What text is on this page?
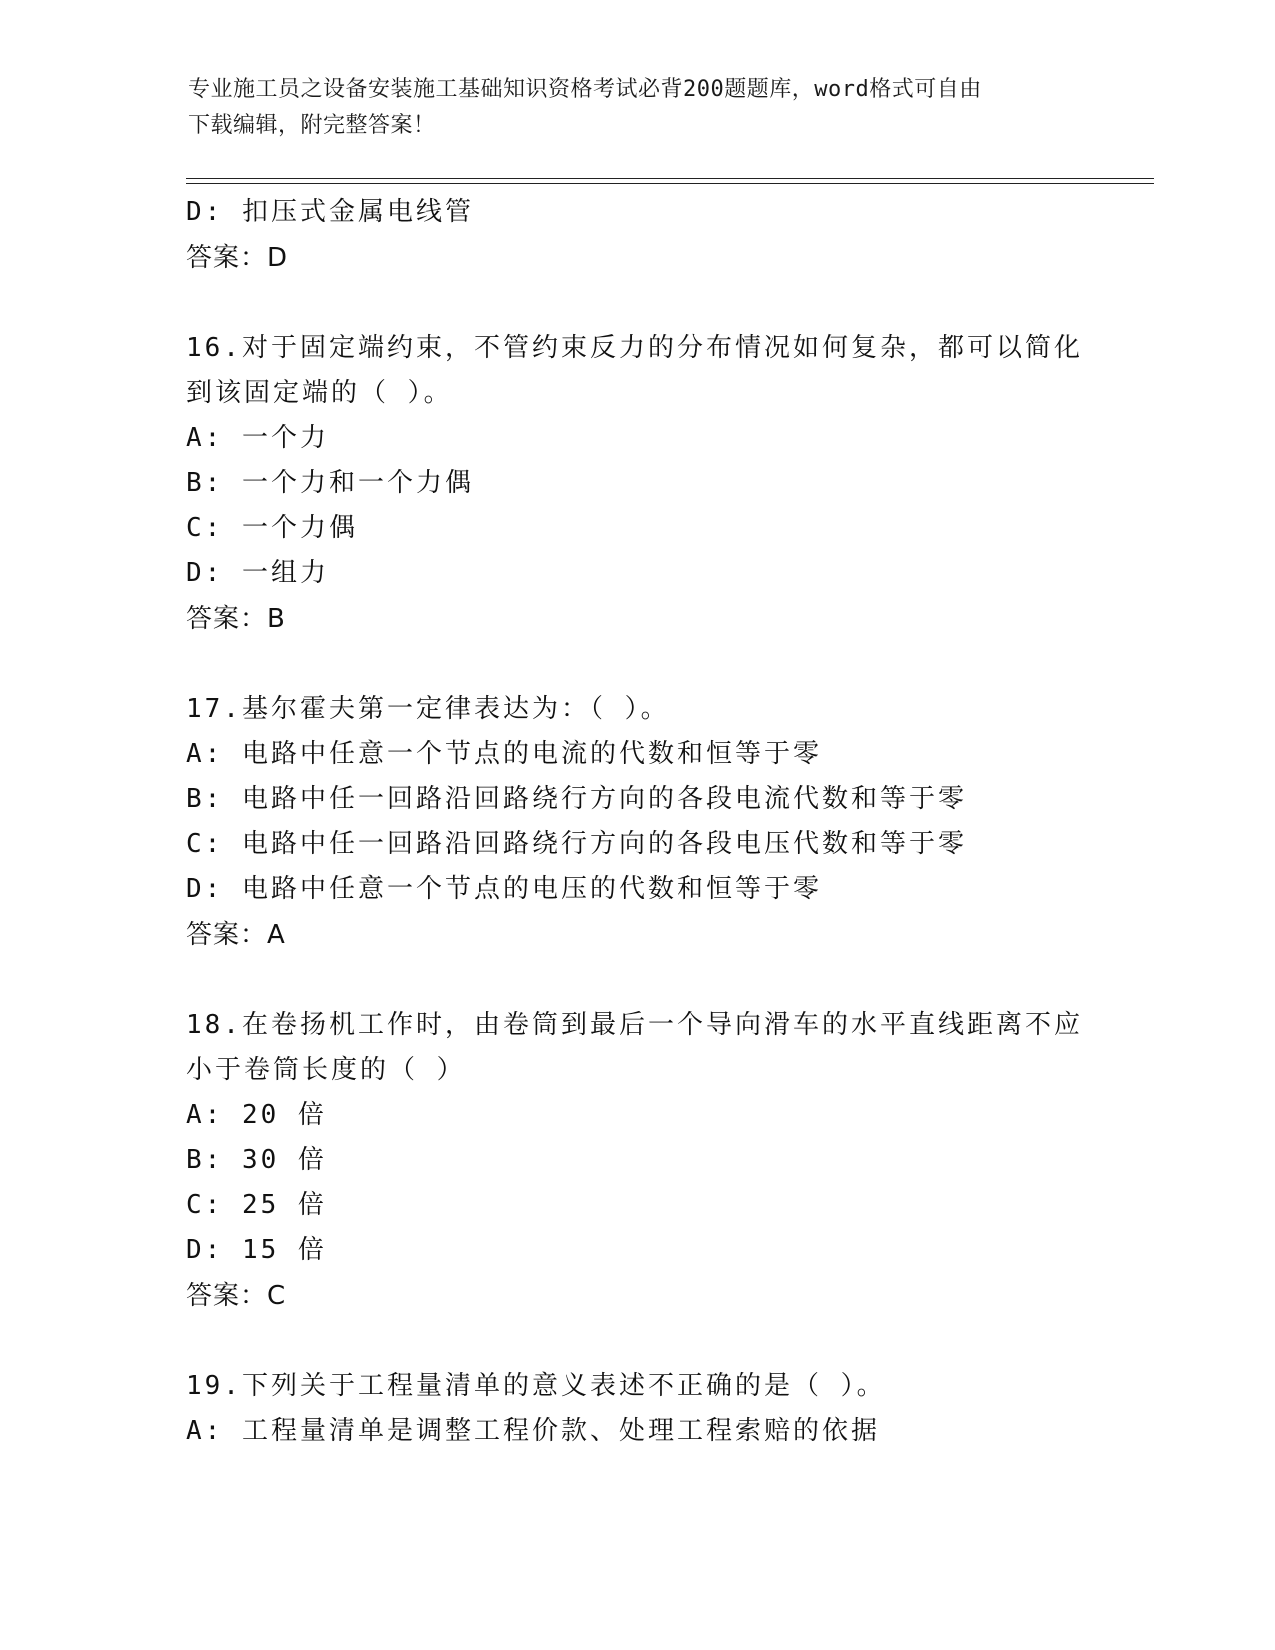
专业施工员之设备安装施工基础知识资格考试必背200题题库，word格式可自由
下载编辑，附完整答案！
D: 扣压式金属电线管
答案：D
16.对于固定端约束，不管约束反力的分布情况如何复杂，都可以简化
到该固定端的（ ）。
A: 一个力
B: 一个力和一个力偶
C: 一个力偶
D: 一组力
答案：B
17.基尔霍夫第一定律表达为：（ ）。
A: 电路中任意一个节点的电流的代数和恒等于零
B: 电路中任一回路沿回路绕行方向的各段电流代数和等于零
C: 电路中任一回路沿回路绕行方向的各段电压代数和等于零
D: 电路中任意一个节点的电压的代数和恒等于零
答案：A
18.在卷扬机工作时，由卷筒到最后一个导向滑车的水平直线距离不应
小于卷筒长度的（ ）
A: 20 倍
B: 30 倍
C: 25 倍
D: 15 倍
答案：C
19.下列关于工程量清单的意义表述不正确的是（ ）。
A: 工程量清单是调整工程价款、处理工程索赔的依据
